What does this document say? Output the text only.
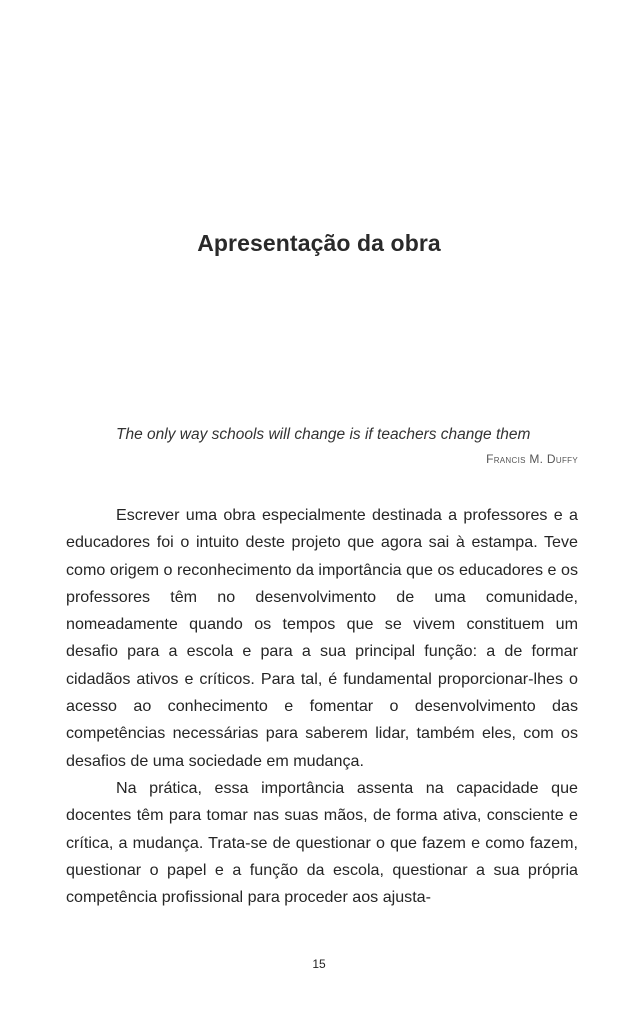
Apresentação da obra
The only way schools will change is if teachers change them
Francis M. Duffy

Escrever uma obra especialmente destinada a professores e a educadores foi o intuito deste projeto que agora sai à estampa. Teve como origem o reconhecimento da importância que os educadores e os professores têm no desenvolvimento de uma comunidade, nomeadamente quando os tempos que se vivem constituem um desafio para a escola e para a sua principal função: a de formar cidadãos ativos e críticos. Para tal, é fundamental proporcionar-lhes o acesso ao conhecimento e fomentar o desenvolvimento das competências necessárias para saberem lidar, também eles, com os desafios de uma sociedade em mudança.

Na prática, essa importância assenta na capacidade que docentes têm para tomar nas suas mãos, de forma ativa, consciente e crítica, a mudança. Trata-se de questionar o que fazem e como fazem, questionar o papel e a função da escola, questionar a sua própria competência profissional para proceder aos ajusta-

15
